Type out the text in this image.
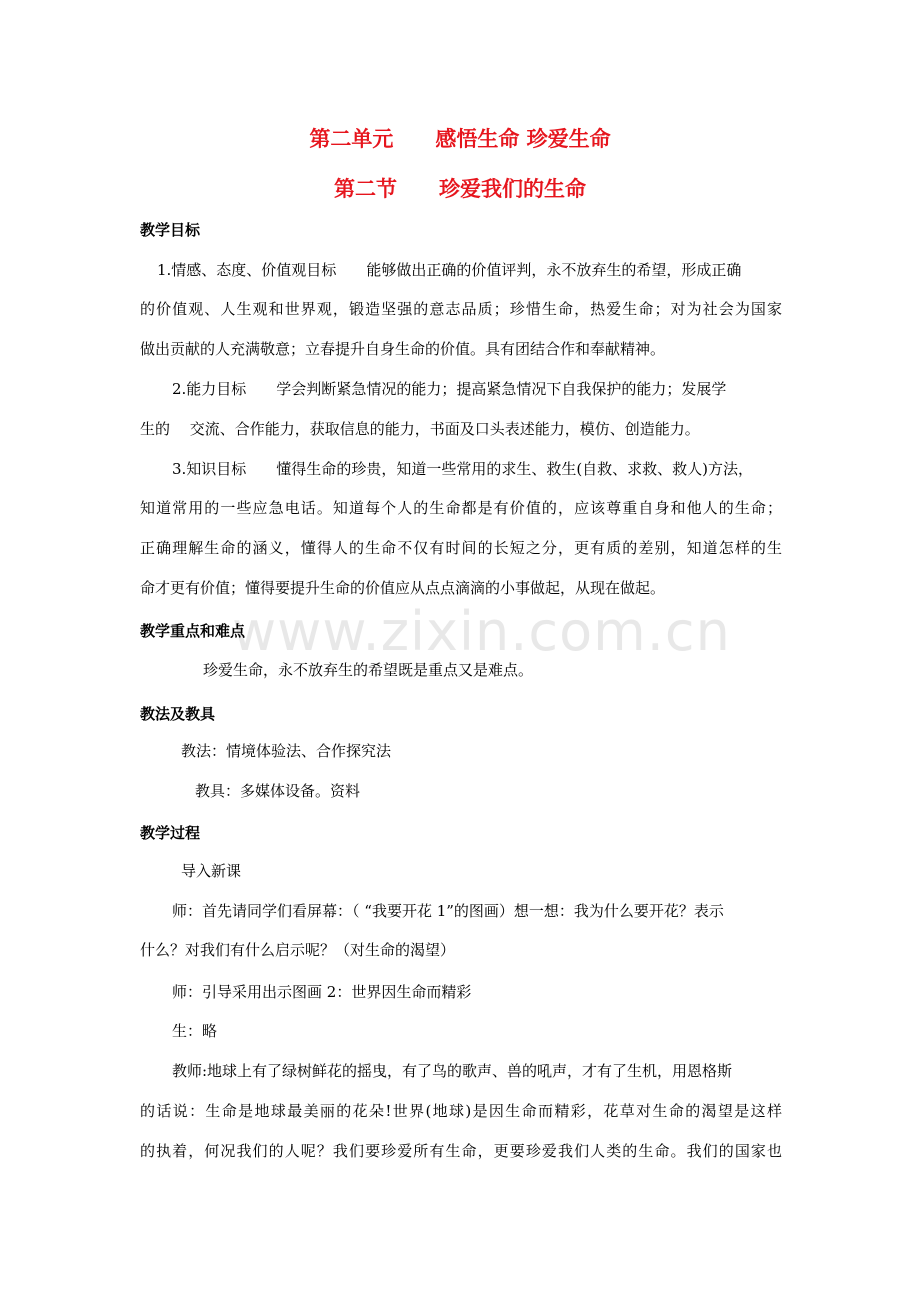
第二单元　　感悟生命 珍爱生命
第二节　　珍爱我们的生命
教学目标
1.情感、态度、价值观目标　　能够做出正确的价值评判，永不放弃生的希望，形成正确
的价值观、人生观和世界观，锻造坚强的意志品质；珍惜生命，热爱生命；对为社会为国家
做出贡献的人充满敬意；立春提升自身生命的价值。具有团结合作和奉献精神。
2.能力目标　　学会判断紧急情况的能力；提高紧急情况下自我保护的能力；发展学
生的　 交流、合作能力，获取信息的能力，书面及口头表述能力，模仿、创造能力。
3.知识目标　　懂得生命的珍贵，知道一些常用的求生、救生(自救、求救、救人)方法，
知道常用的一些应急电话。知道每个人的生命都是有价值的，应该尊重自身和他人的生命；
正确理解生命的涵义，懂得人的生命不仅有时间的长短之分，更有质的差别，知道怎样的生
命才更有价值；懂得要提升生命的价值应从点点滴滴的小事做起，从现在做起。
www.zixin.com.cn
教学重点和难点
珍爱生命，永不放弃生的希望既是重点又是难点。
教法及教具
教法：情境体验法、合作探究法
教具：多媒体设备。资料
教学过程
导入新课
师：首先请同学们看屏幕：（ “我要开花 1”的图画）想一想：我为什么要开花？表示
什么？对我们有什么启示呢？（对生命的渴望）
师：引导采用出示图画 2：世界因生命而精彩
生：略
教师:地球上有了绿树鲜花的摇曳，有了鸟的歌声、兽的吼声，才有了生机，用恩格斯
的话说：生命是地球最美丽的花朵!世界(地球)是因生命而精彩，花草对生命的渴望是这样
的执着，何况我们的人呢？我们要珍爱所有生命，更要珍爱我们人类的生命。我们的国家也
